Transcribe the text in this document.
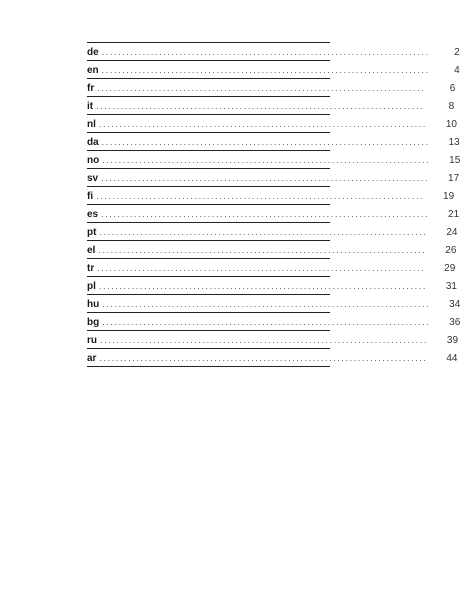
de ................................................................................	2
en ................................................................................	4
fr ................................................................................	6
it ................................................................................	8
nl ................................................................................	10
da ................................................................................	13
no ................................................................................	15
sv ................................................................................	17
fi ................................................................................	19
es ................................................................................	21
pt ................................................................................	24
el ................................................................................	26
tr ................................................................................	29
pl ................................................................................	31
hu ................................................................................	34
bg ................................................................................	36
ru ................................................................................	39
ar ................................................................................	44
